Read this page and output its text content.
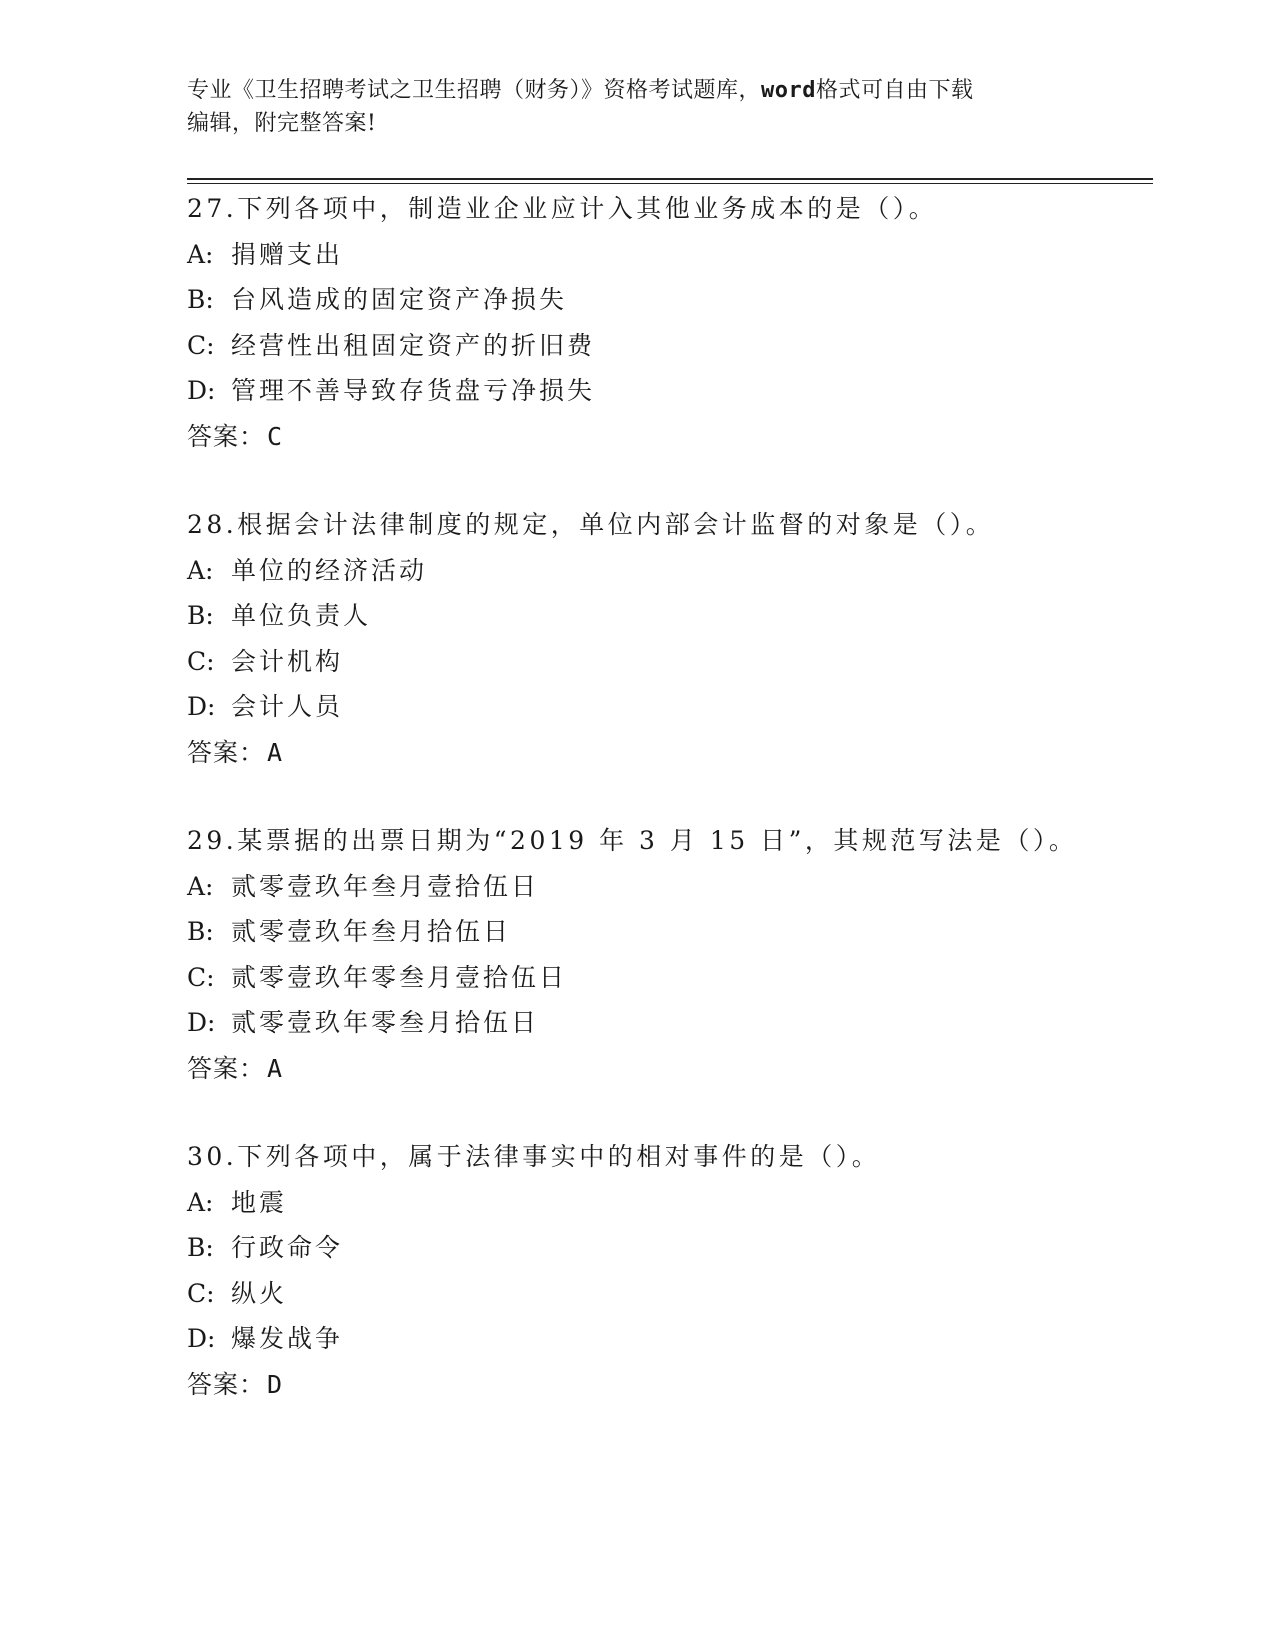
专业《卫生招聘考试之卫生招聘（财务）》资格考试题库，word格式可自由下载
编辑，附完整答案!
27.下列各项中，制造业企业应计入其他业务成本的是（）。
A: 捐赠支出
B: 台风造成的固定资产净损失
C: 经营性出租固定资产的折旧费
D: 管理不善导致存货盘亏净损失
答案：C
28.根据会计法律制度的规定，单位内部会计监督的对象是（）。
A: 单位的经济活动
B: 单位负责人
C: 会计机构
D: 会计人员
答案：A
29.某票据的出票日期为“2019 年 3 月 15 日”，其规范写法是（）。
A: 贰零壹玖年叁月壹拾伍日
B: 贰零壹玖年叁月拾伍日
C: 贰零壹玖年零叁月壹拾伍日
D: 贰零壹玖年零叁月拾伍日
答案：A
30.下列各项中，属于法律事实中的相对事件的是（）。
A: 地震
B: 行政命令
C: 纵火
D: 爆发战争
答案：D
